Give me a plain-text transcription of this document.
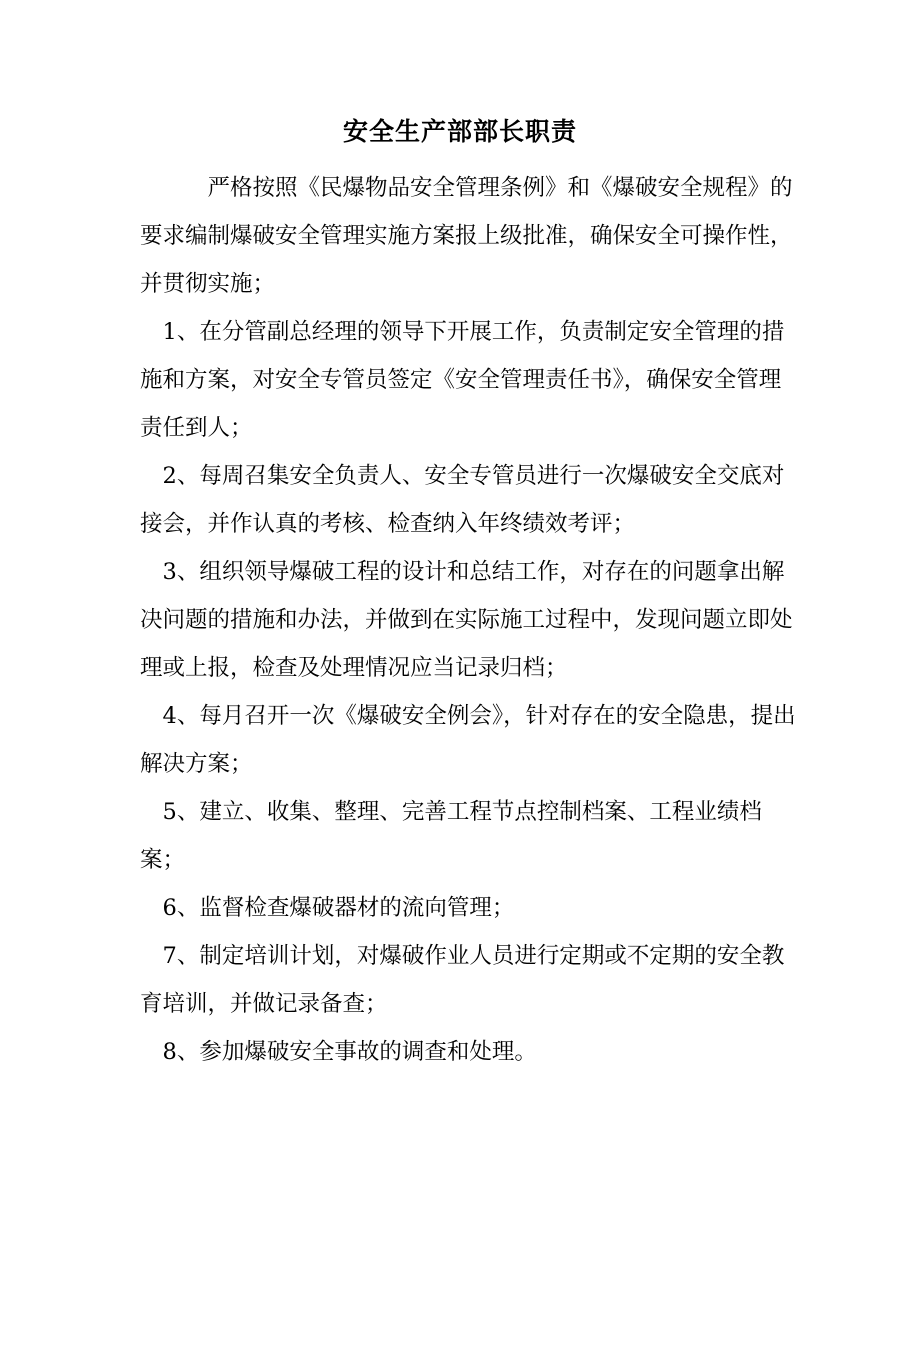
安全生产部部长职责

严格按照《民爆物品安全管理条例》和《爆破安全规程》的要求编制爆破安全管理实施方案报上级批准，确保安全可操作性，并贯彻实施；

1、在分管副总经理的领导下开展工作，负责制定安全管理的措施和方案，对安全专管员签定《安全管理责任书》，确保安全管理责任到人；

2、每周召集安全负责人、安全专管员进行一次爆破安全交底对接会，并作认真的考核、检查纳入年终绩效考评；

3、组织领导爆破工程的设计和总结工作，对存在的问题拿出解决问题的措施和办法，并做到在实际施工过程中，发现问题立即处理或上报，检查及处理情况应当记录归档；

4、每月召开一次《爆破安全例会》，针对存在的安全隐患，提出解决方案；

5、建立、收集、整理、完善工程节点控制档案、工程业绩档案；

6、监督检查爆破器材的流向管理；

7、制定培训计划，对爆破作业人员进行定期或不定期的安全教育培训，并做记录备查；

8、参加爆破安全事故的调查和处理。
